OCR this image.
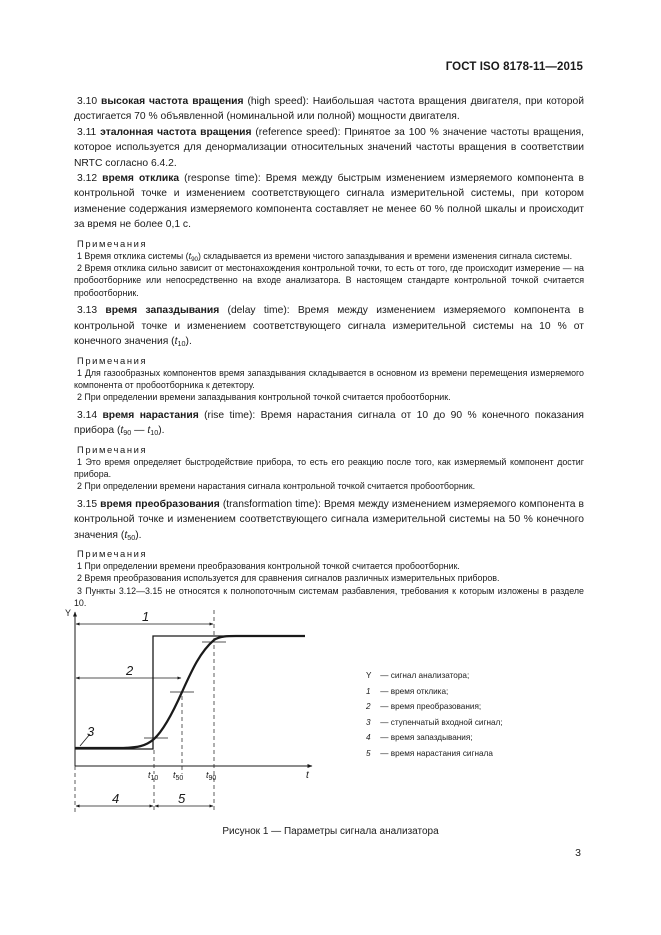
ГОСТ ISO 8178-11—2015

3.10 высокая частота вращения (high speed): Наибольшая частота вращения двигателя, при которой достигается 70 % объявленной (номинальной или полной) мощности двигателя.

3.11 эталонная частота вращения (reference speed): Принятое за 100 % значение частоты вращения, которое используется для денормализации относительных значений частоты вращения в соответствии NRTC согласно 6.4.2.

3.12 время отклика (response time): Время между быстрым изменением измеряемого компонента в контрольной точке и изменением соответствующего сигнала измерительной системы, при котором изменение содержания измеряемого компонента составляет не менее 60 % полной шкалы и происходит за время не более 0,1 с.

Примечания

1 Время отклика системы $(t_{90})$ складывается из времени чистого запаздывания и времени изменения сигнала системы.

2 Время отклика сильно зависит от местонахождения контрольной точки, то есть от того, где происходит измерение — на пробоотборнике или непосредственно на входе анализатора. В настоящем стандарте контрольной точкой считается пробоотборник.

3.13 время запаздывания (delay time): Время между изменением измеряемого компонента в контрольной точке и изменением соответствующего сигнала измерительной системы на 10 % от конечного значения $(t_{10})$.

Примечания

1 Для газообразных компонентов время запаздывания складывается в основном из времени перемещения измеряемого компонента от пробоотборника к детектору.

2 При определении времени запаздывания контрольной точкой считается пробоотборник.

3.14 время нарастания (rise time): Время нарастания сигнала от 10 до 90 % конечного показания прибора ($t_{90}$ — $t_{10}$).

Примечания

1 Это время определяет быстродействие прибора, то есть его реакцию после того, как измеряемый компонент достиг прибора.

2 При определении времени нарастания сигнала контрольной точкой считается пробоотборник.

3.15 время преобразования (transformation time): Время между изменением измеряемого компонента в контрольной точке и изменением соответствующего сигнала измерительной системы на 50 % конечного значения $(t_{50})$.

Примечания

1 При определении времени преобразования контрольной точкой считается пробоотборник.

2 Время преобразования используется для сравнения сигналов различных измерительных приборов.

3 Пункты 3.12—3.15 не относятся к полнопоточным системам разбавления, требования к которым изложены в разделе 10.

Y
t
1
2
3
4	5
$t_{10}$ $t_{50}$	$t_{90}$
Y — сигнал анализатора;
1 — время отклика;
2 — время преобразования;
3 — ступенчатый входной сигнал;
4 — время запаздывания;
5 — время нарастания сигнала
Рисунок 1 — Параметры сигнала анализатора
3
